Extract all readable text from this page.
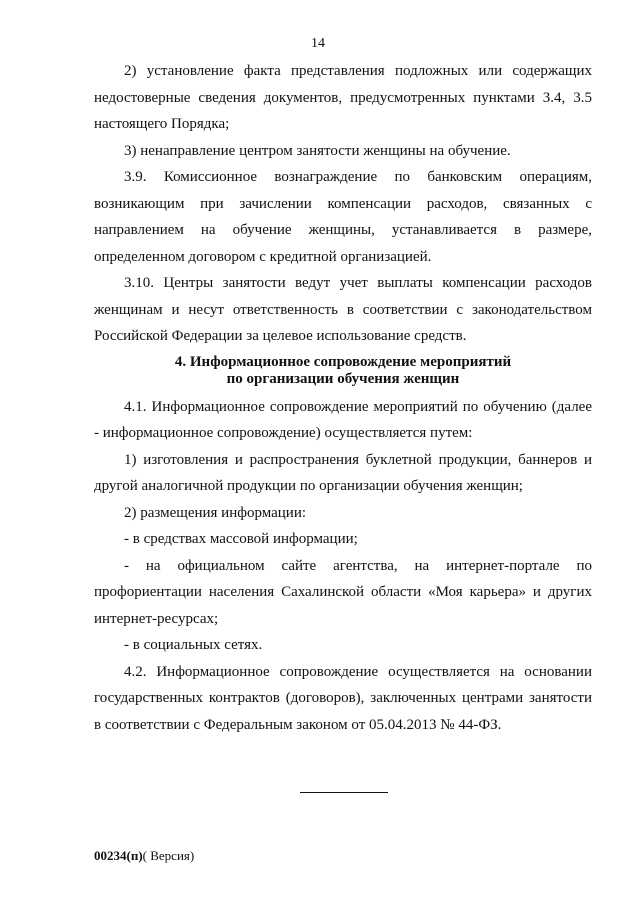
14

2) установление факта представления подложных или содержащих недостоверные сведения документов, предусмотренных пунктами 3.4, 3.5 настоящего Порядка;

3) ненаправление центром занятости женщины на обучение.

3.9. Комиссионное вознаграждение по банковским операциям, возникающим при зачислении компенсации расходов, связанных с направлением на обучение женщины, устанавливается в размере, определенном договором с кредитной организацией.

3.10. Центры занятости ведут учет выплаты компенсации расходов женщинам и несут ответственность в соответствии с законодательством Российской Федерации за целевое использование средств.

4. Информационное сопровождение мероприятий
по организации обучения женщин

4.1. Информационное сопровождение мероприятий по обучению (далее - информационное сопровождение) осуществляется путем:

1) изготовления и распространения буклетной продукции, баннеров и другой аналогичной продукции по организации обучения женщин;

2) размещения информации:

- в средствах массовой информации;

- на официальном сайте агентства, на интернет-портале по профориентации населения Сахалинской области «Моя карьера» и других интернет-ресурсах;

- в социальных сетях.

4.2. Информационное сопровождение осуществляется на основании государственных контрактов (договоров), заключенных центрами занятости в соответствии с Федеральным законом от 05.04.2013 № 44-ФЗ.

00234(п)( Версия)
